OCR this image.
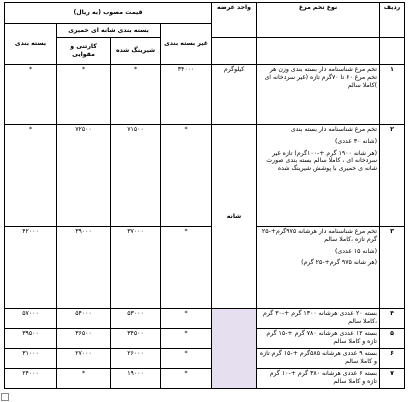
ردیف	نوع تخم مرغ	واحد عرضه	قیمت مصوب (به ریال)			
			غیر بسته بندی	بسته بندی شانه ای خمیری		بسته بندی
				شیرینگ شده	کارتنی و مقوایی	
۱	تخم مرغ شناسنامه دار بسته بندی وزن هر تخم مرغ ۶۰ تا ۷۰گرم تازه (غیر سردخانه ای )کاملا سالم	کیلوگرم	۳۴۰۰۰	*	*	*
۲	تخم مرغ شناسنامه دار بسته بندی
(شانه ۳۰ عددی)
(هر شانه ۱۹۰۰ گرم +-۱۰۰گرم) تازه غیر سردخانه ای ، کاملا سالم بسته بندی صورت شانه ی خمیری با پوشش شیرینگ شده	شانه	*	۷۱۵۰۰	۷۲۵۰۰	*
۳	تخم مرغ شناسنامه دار هرشانه ۹۷۵گرم+-۲۵ گرم تازه ،کاملا سالم
(شانه ۱۵ عددی)
(هر شانه ۹۷۵ گرم+-۲۵ گرم)		*	۳۷۰۰۰	۳۹۰۰۰	۴۲۰۰۰
۴	بسته ۲۰ عددی هرشانه ۱۳۰۰ گرم +-۳۰ گرم ،کاملا سالم		*	۵۳۰۰۰	۵۴۰۰۰	۵۷۰۰۰
۵	بسته ۱۲ عددی هرشانه ۷۸۰ گرم +-۱۵ گرم تازه و کاملا سالم		*	۳۴۵۰۰	۳۶۵۰۰	۳۹۵۰۰
۶	بسته ۹ عددی هرشانه ۵۸۵گرم +-۱۵ گرم تازه و کاملا سالم		*	۲۶۰۰۰	۲۷۰۰۰	۳۱۰۰۰
۷	بسته ۶ عددی هرشانه ۳۸۰ گرم +-۱۰ گرم تازه و کاملا سالم		*	۱۹۰۰۰	*	۲۴۰۰۰
